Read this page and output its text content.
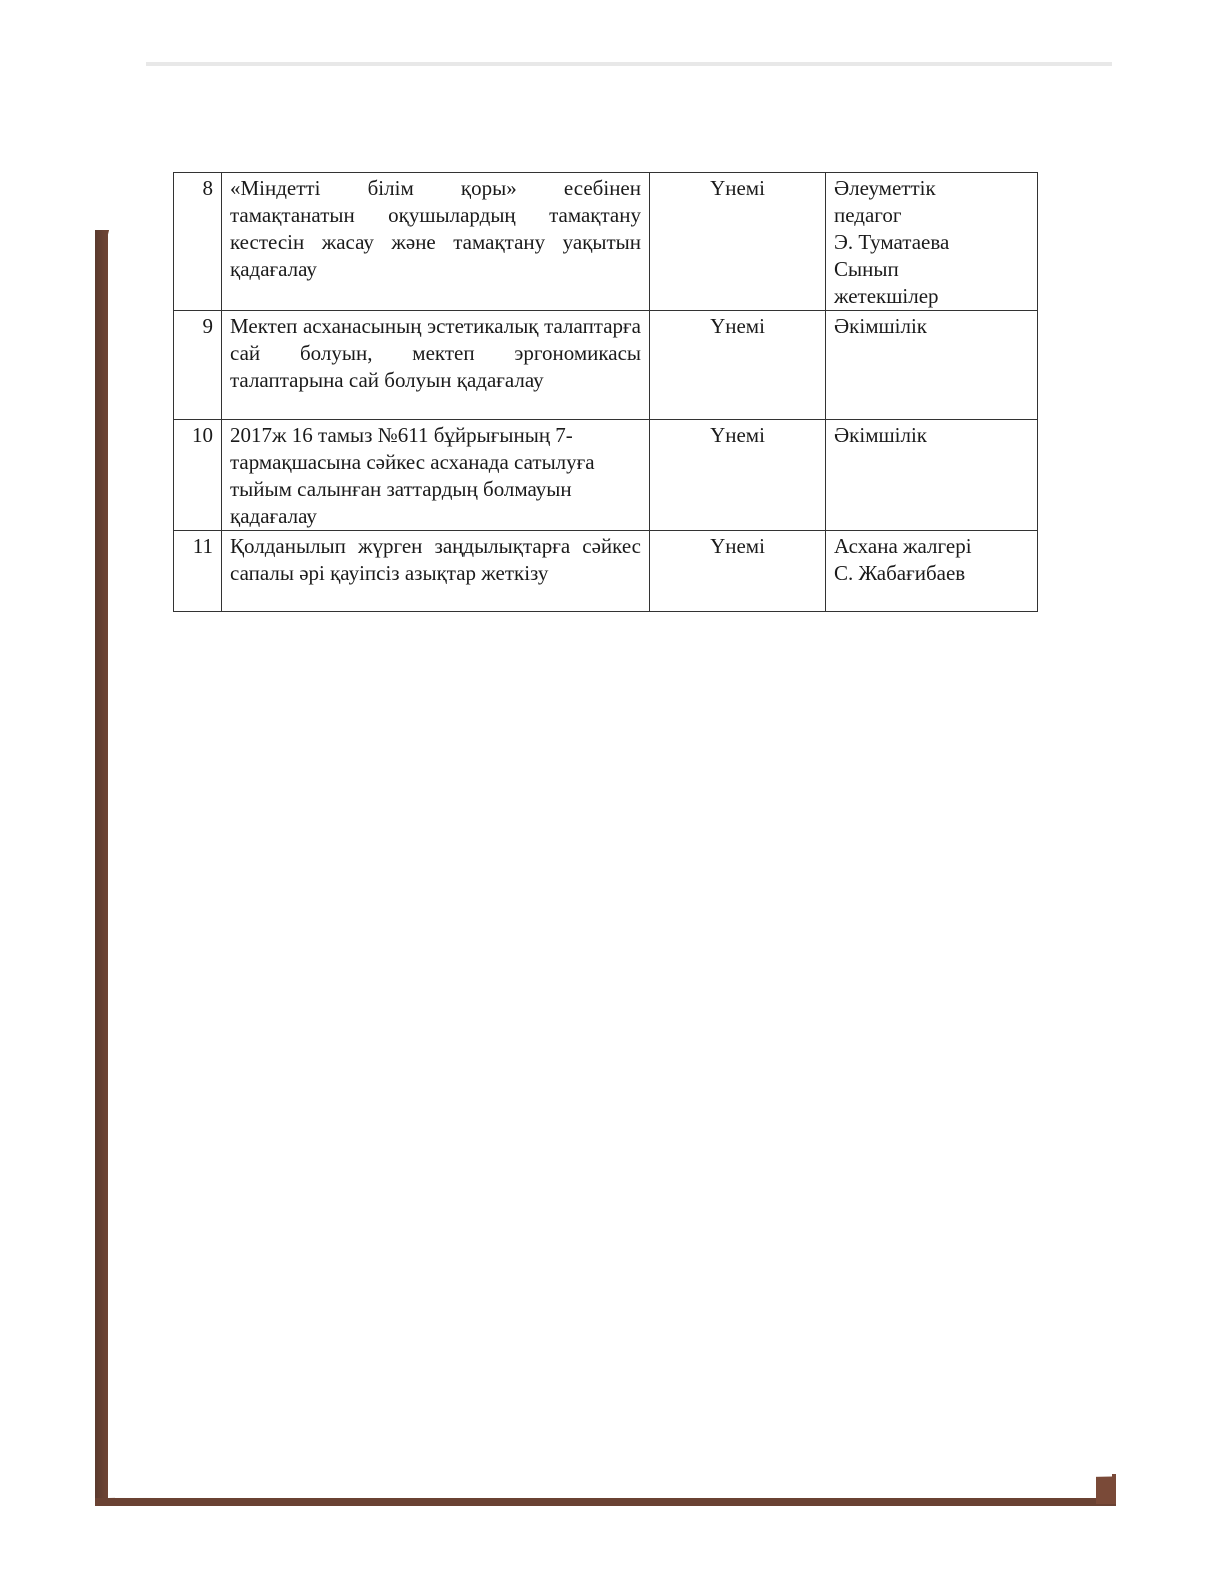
8	«Міндетті білім қоры» есебінен тамақтанатын оқушылардың тамақтану кестесін жасау және тамақтану уақытын қадағалау	Үнемі	Әлеуметтік
педагог
Э. Туматаева
Сынып
жетекшілер

9	Мектеп асханасының эстетикалық талаптарға сай болуын, мектеп эргономикасы талаптарына сай болуын қадағалау	Үнемі	Әкімшілік

10	2017ж 16 тамыз №611 бұйрығының 7-тармақшасына сәйкес асханада сатылуға тыйым салынған заттардың болмауын қадағалау	Үнемі	Әкімшілік

11	Қолданылып жүрген заңдылықтарға сәйкес сапалы әрі қауіпсіз азықтар жеткізу	Үнемі	Асхана жалгері
С. Жабағибаев
